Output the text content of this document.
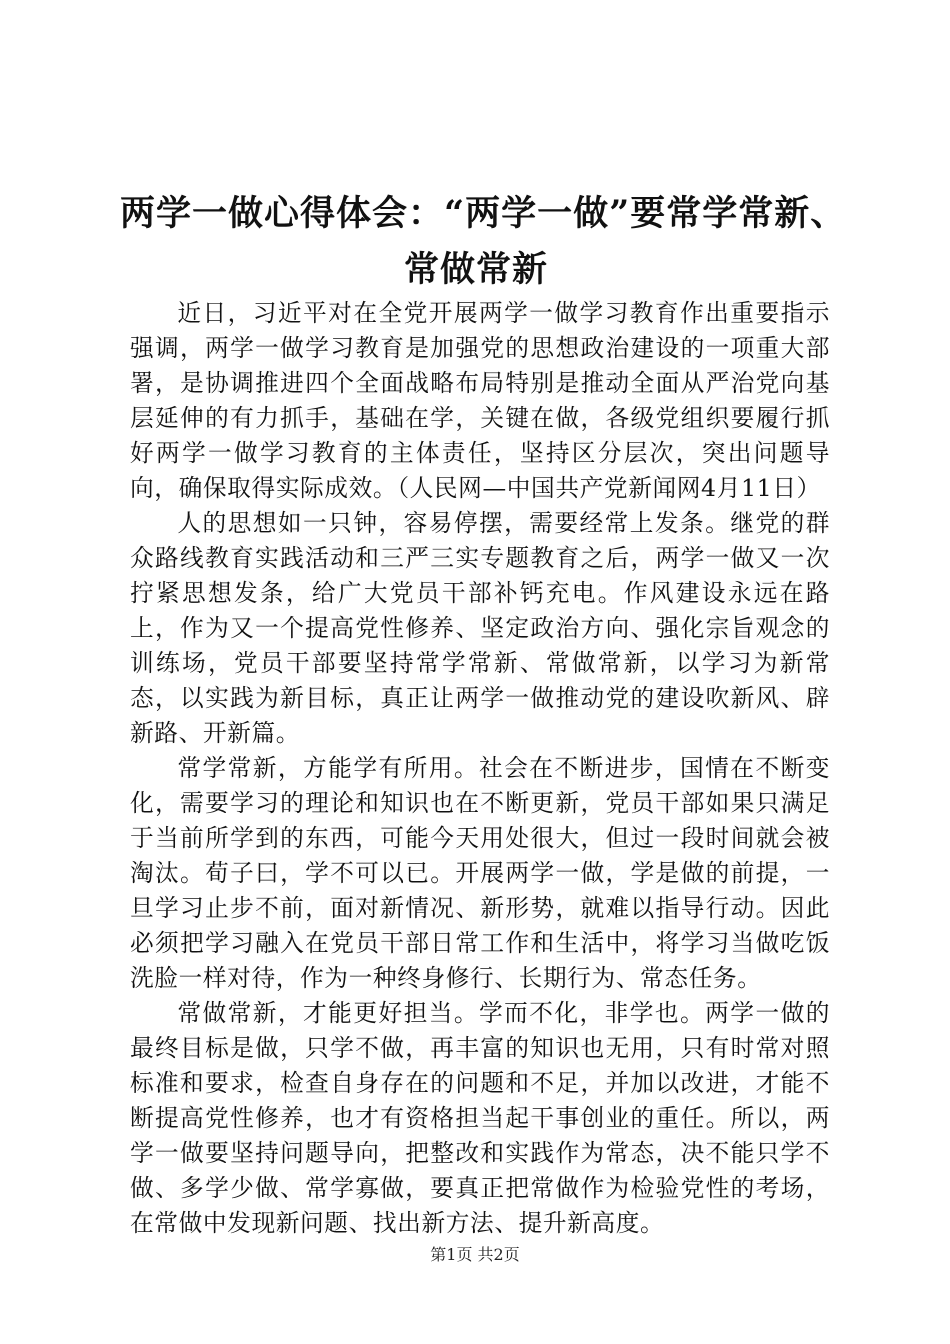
两学一做心得体会：“两学一做”要常学常新、
常做常新

近日，习近平对在全党开展两学一做学习教育作出重要指示强调，两学一做学习教育是加强党的思想政治建设的一项重大部署，是协调推进四个全面战略布局特别是推动全面从严治党向基层延伸的有力抓手，基础在学，关键在做，各级党组织要履行抓好两学一做学习教育的主体责任，坚持区分层次，突出问题导向，确保取得实际成效。（人民网—中国共产党新闻网4月11日）

人的思想如一只钟，容易停摆，需要经常上发条。继党的群众路线教育实践活动和三严三实专题教育之后，两学一做又一次拧紧思想发条，给广大党员干部补钙充电。作风建设永远在路上，作为又一个提高党性修养、坚定政治方向、强化宗旨观念的训练场，党员干部要坚持常学常新、常做常新，以学习为新常态，以实践为新目标，真正让两学一做推动党的建设吹新风、辟新路、开新篇。

常学常新，方能学有所用。社会在不断进步，国情在不断变化，需要学习的理论和知识也在不断更新，党员干部如果只满足于当前所学到的东西，可能今天用处很大，但过一段时间就会被淘汰。荀子曰，学不可以已。开展两学一做，学是做的前提，一旦学习止步不前，面对新情况、新形势，就难以指导行动。因此必须把学习融入在党员干部日常工作和生活中，将学习当做吃饭洗脸一样对待，作为一种终身修行、长期行为、常态任务。

常做常新，才能更好担当。学而不化，非学也。两学一做的最终目标是做，只学不做，再丰富的知识也无用，只有时常对照标准和要求，检查自身存在的问题和不足，并加以改进，才能不断提高党性修养，也才有资格担当起干事创业的重任。所以，两学一做要坚持问题导向，把整改和实践作为常态，决不能只学不做、多学少做、常学寡做，要真正把常做作为检验党性的考场，在常做中发现新问题、找出新方法、提升新高度。

第1页 共2页
